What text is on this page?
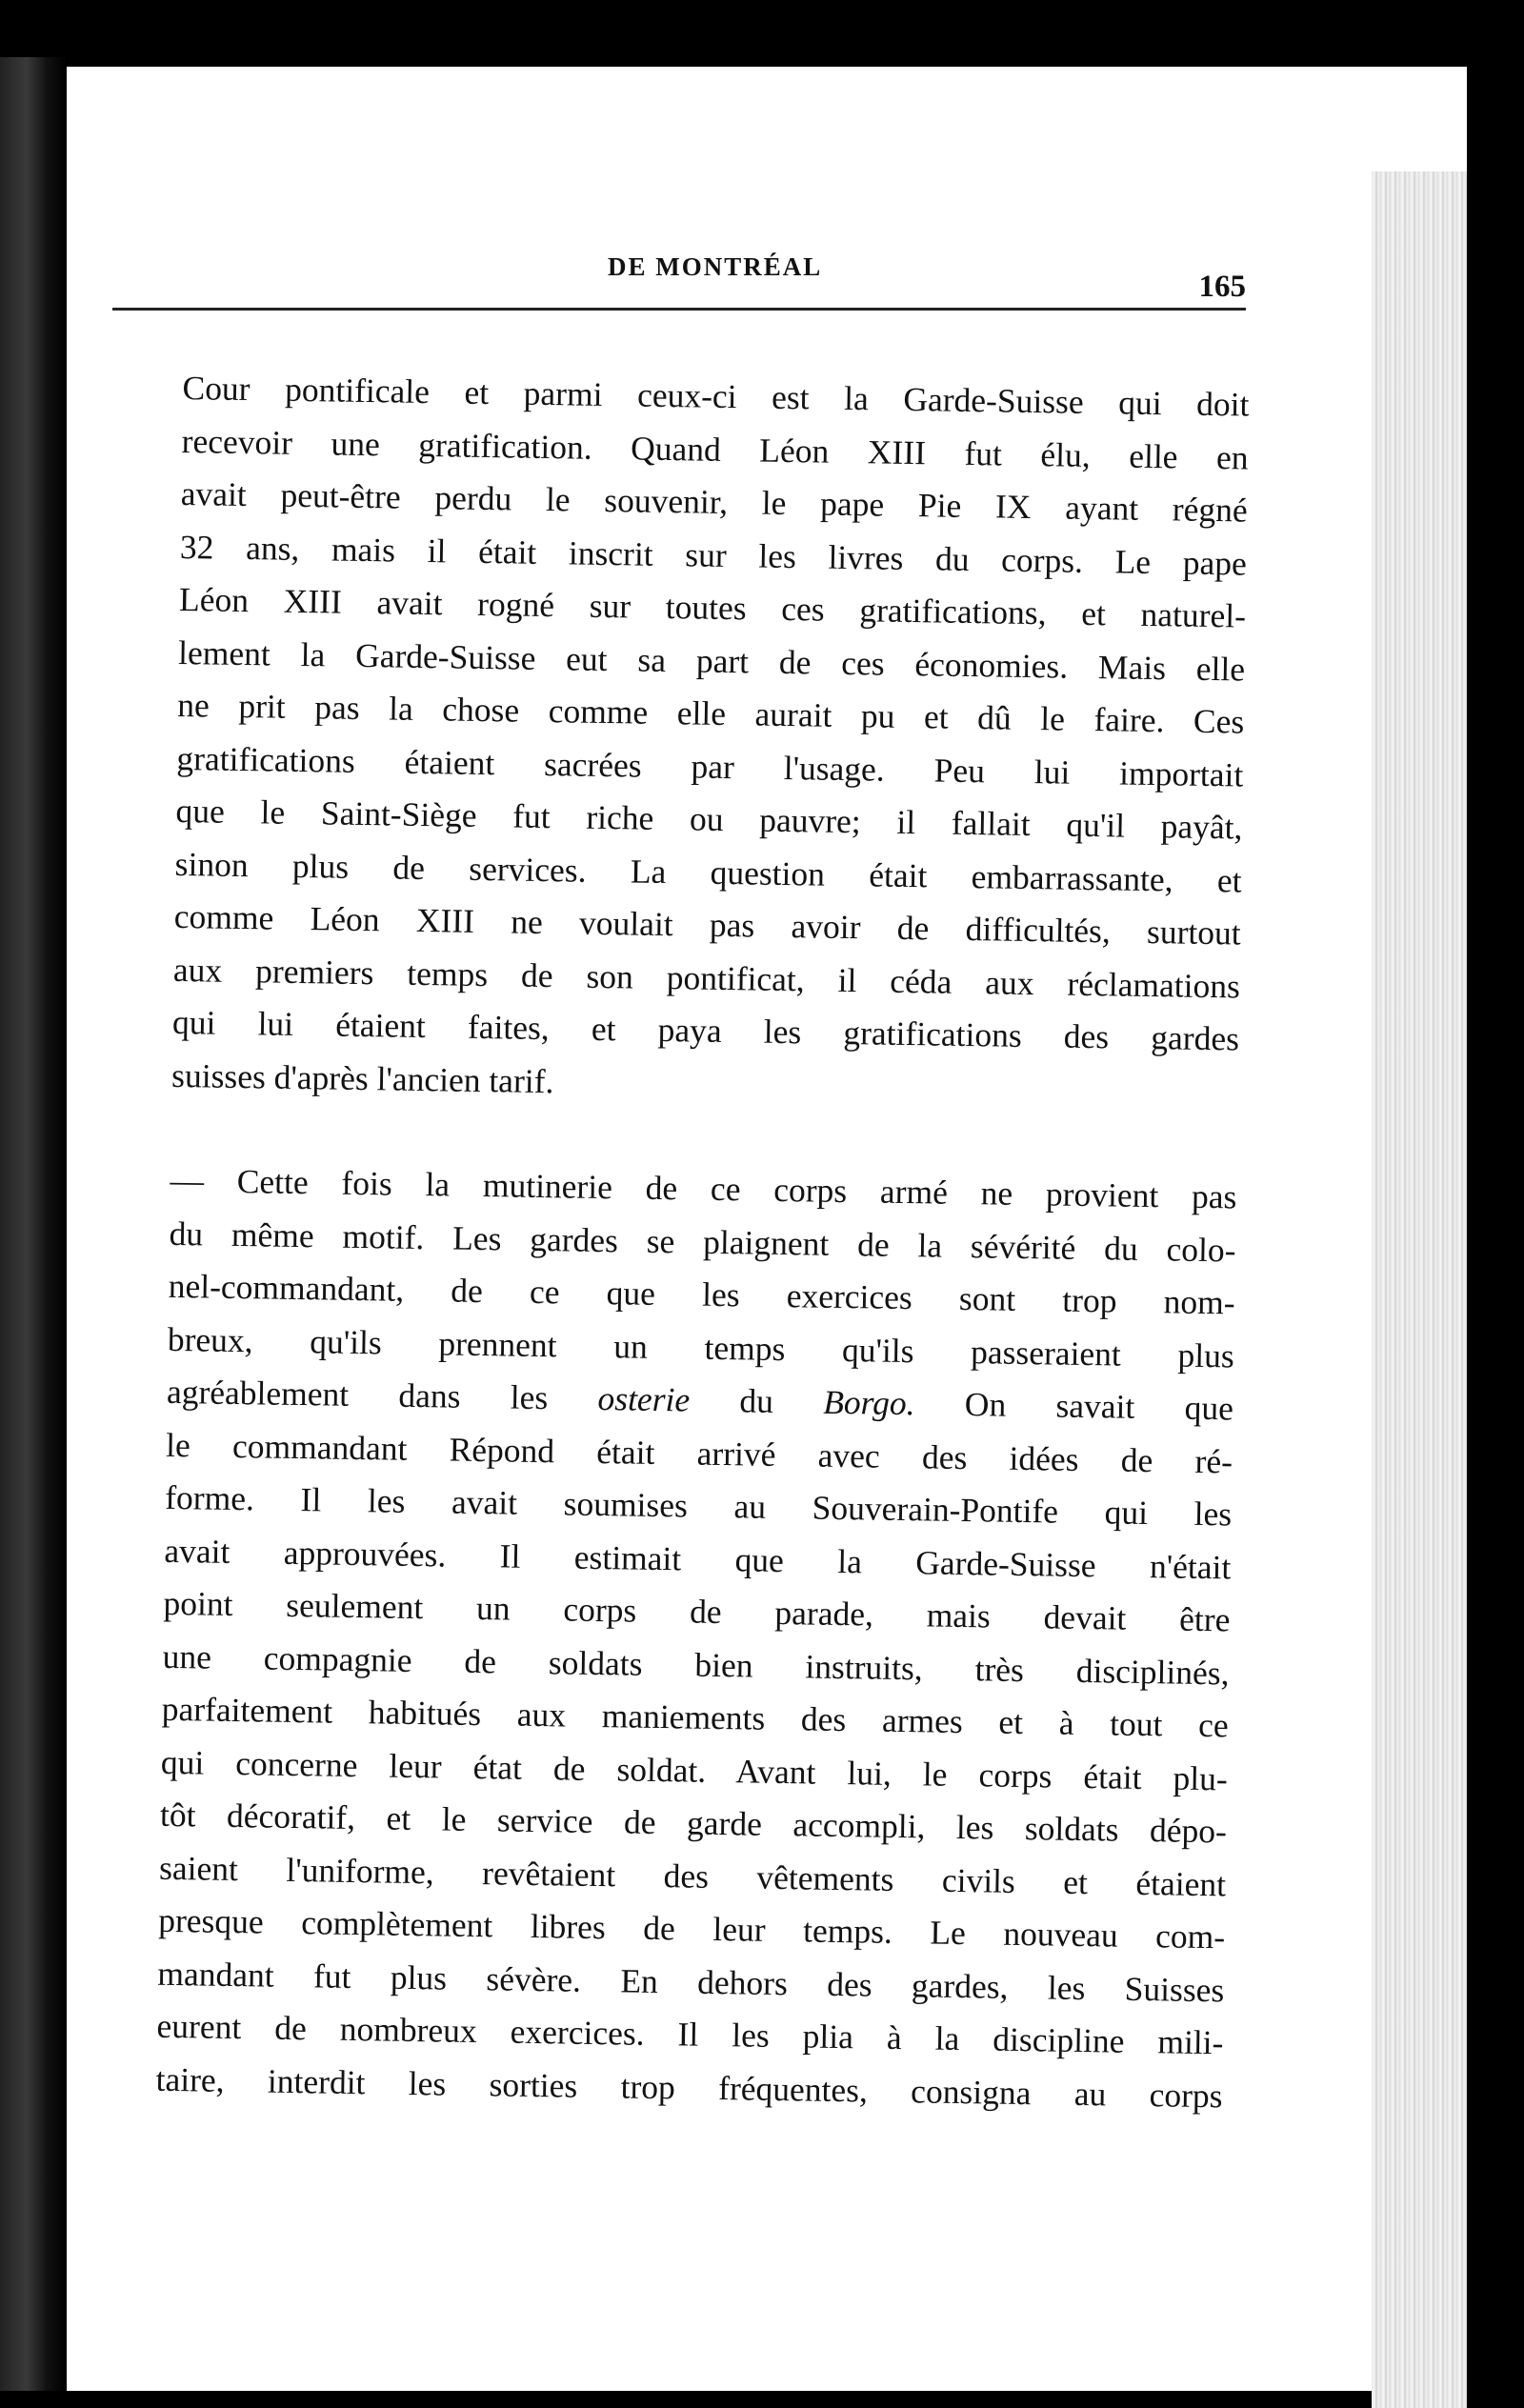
DE MONTRÉAL
165

Cour pontificale et parmi ceux-ci est la Garde-Suisse qui doit
recevoir une gratification. Quand Léon XIII fut élu, elle en
avait peut-être perdu le souvenir, le pape Pie IX ayant régné
32 ans, mais il était inscrit sur les livres du corps. Le pape
Léon XIII avait rogné sur toutes ces gratifications, et naturel-
lement la Garde-Suisse eut sa part de ces économies. Mais elle
ne prit pas la chose comme elle aurait pu et dû le faire. Ces
gratifications étaient sacrées par l'usage. Peu lui importait
que le Saint-Siège fut riche ou pauvre; il fallait qu'il payât,
sinon plus de services. La question était embarrassante, et
comme Léon XIII ne voulait pas avoir de difficultés, surtout
aux premiers temps de son pontificat, il céda aux réclamations
qui lui étaient faites, et paya les gratifications des gardes
suisses d'après l'ancien tarif.

— Cette fois la mutinerie de ce corps armé ne provient pas
du même motif. Les gardes se plaignent de la sévérité du colo-
nel-commandant, de ce que les exercices sont trop nom-
breux, qu'ils prennent un temps qu'ils passeraient plus
agréablement dans les osterie du Borgo. On savait que
le commandant Répond était arrivé avec des idées de ré-
forme. Il les avait soumises au Souverain-Pontife qui les
avait approuvées. Il estimait que la Garde-Suisse n'était
point seulement un corps de parade, mais devait être
une compagnie de soldats bien instruits, très disciplinés,
parfaitement habitués aux maniements des armes et à tout ce
qui concerne leur état de soldat. Avant lui, le corps était plu-
tôt décoratif, et le service de garde accompli, les soldats dépo-
saient l'uniforme, revêtaient des vêtements civils et étaient
presque complètement libres de leur temps. Le nouveau com-
mandant fut plus sévère. En dehors des gardes, les Suisses
eurent de nombreux exercices. Il les plia à la discipline mili-
taire, interdit les sorties trop fréquentes, consigna au corps
